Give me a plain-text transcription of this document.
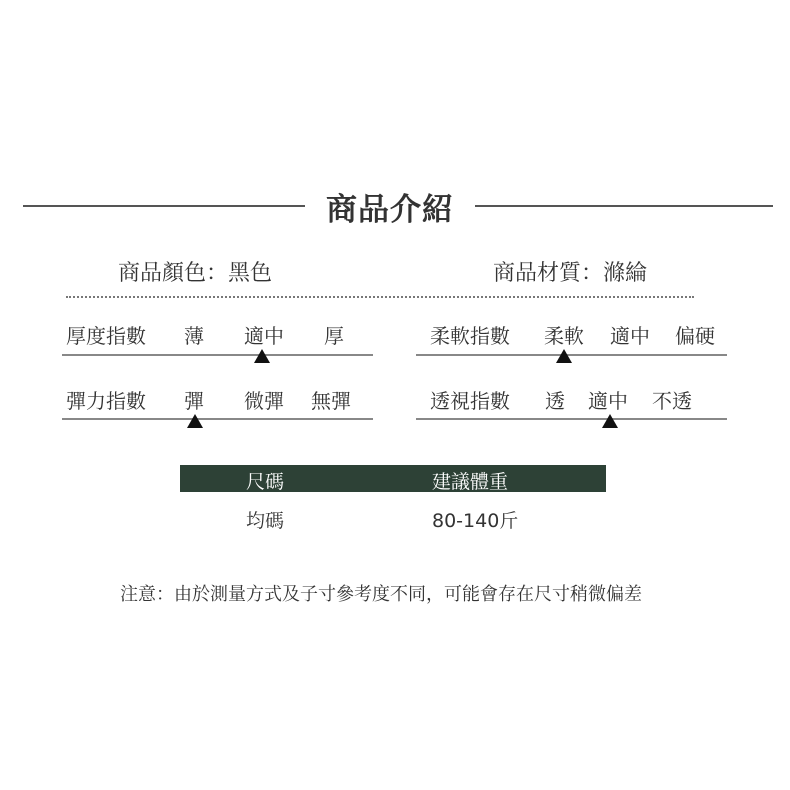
商品介紹
商品顏色：黑色	商品材質：滌綸
厚度指數 薄 適中 厚	柔軟指數 柔軟 適中 偏硬
彈力指數 彈 微彈 無彈	透視指數 透 適中 不透
尺碼	建議體重
均碼	80-140斤
注意：由於測量方式及子寸參考度不同，可能會存在尺寸稍微偏差
